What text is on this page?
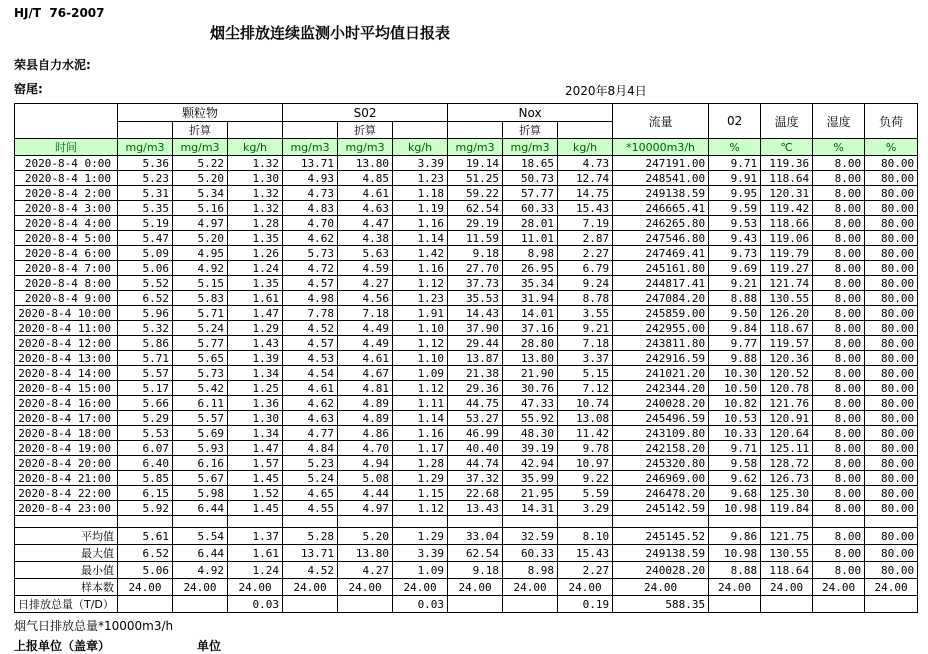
HJ/T  76-2007
烟尘排放连续监测小时平均值日报表
荣县自力水泥:
窑尾:	2020年8月4日
	颗粒物			S02			Nox			流量	02	温度	湿度	负荷
		折算			折算			折算						
时间	mg/m3	mg/m3	kg/h	mg/m3	mg/m3	kg/h	mg/m3	mg/m3	kg/h	*10000m3/h	%	℃	%	%
2020-8-4 0:00	5.36	5.22	1.32	13.71	13.80	3.39	19.14	18.65	4.73	247191.00	9.71	119.36	8.00	80.00
2020-8-4 1:00	5.23	5.20	1.30	4.93	4.85	1.23	51.25	50.73	12.74	248541.00	9.91	118.64	8.00	80.00
2020-8-4 2:00	5.31	5.34	1.32	4.73	4.61	1.18	59.22	57.77	14.75	249138.59	9.95	120.31	8.00	80.00
2020-8-4 3:00	5.35	5.16	1.32	4.83	4.63	1.19	62.54	60.33	15.43	246665.41	9.59	119.42	8.00	80.00
2020-8-4 4:00	5.19	4.97	1.28	4.70	4.47	1.16	29.19	28.01	7.19	246265.80	9.53	118.66	8.00	80.00
2020-8-4 5:00	5.47	5.20	1.35	4.62	4.38	1.14	11.59	11.01	2.87	247546.80	9.43	119.06	8.00	80.00
2020-8-4 6:00	5.09	4.95	1.26	5.73	5.63	1.42	9.18	8.98	2.27	247469.41	9.73	119.79	8.00	80.00
2020-8-4 7:00	5.06	4.92	1.24	4.72	4.59	1.16	27.70	26.95	6.79	245161.80	9.69	119.27	8.00	80.00
2020-8-4 8:00	5.52	5.15	1.35	4.57	4.27	1.12	37.73	35.34	9.24	244817.41	9.21	121.74	8.00	80.00
2020-8-4 9:00	6.52	5.83	1.61	4.98	4.56	1.23	35.53	31.94	8.78	247084.20	8.88	130.55	8.00	80.00
2020-8-4 10:00	5.96	5.71	1.47	7.78	7.18	1.91	14.43	14.01	3.55	245859.00	9.50	126.20	8.00	80.00
2020-8-4 11:00	5.32	5.24	1.29	4.52	4.49	1.10	37.90	37.16	9.21	242955.00	9.84	118.67	8.00	80.00
2020-8-4 12:00	5.86	5.77	1.43	4.57	4.49	1.12	29.44	28.80	7.18	243811.80	9.77	119.57	8.00	80.00
2020-8-4 13:00	5.71	5.65	1.39	4.53	4.61	1.10	13.87	13.80	3.37	242916.59	9.88	120.36	8.00	80.00
2020-8-4 14:00	5.57	5.73	1.34	4.54	4.67	1.09	21.38	21.90	5.15	241021.20	10.30	120.52	8.00	80.00
2020-8-4 15:00	5.17	5.42	1.25	4.61	4.81	1.12	29.36	30.76	7.12	242344.20	10.50	120.78	8.00	80.00
2020-8-4 16:00	5.66	6.11	1.36	4.62	4.89	1.11	44.75	47.33	10.74	240028.20	10.82	121.76	8.00	80.00
2020-8-4 17:00	5.29	5.57	1.30	4.63	4.89	1.14	53.27	55.92	13.08	245496.59	10.53	120.91	8.00	80.00
2020-8-4 18:00	5.53	5.69	1.34	4.77	4.86	1.16	46.99	48.30	11.42	243109.80	10.33	120.64	8.00	80.00
2020-8-4 19:00	6.07	5.93	1.47	4.84	4.70	1.17	40.40	39.19	9.78	242158.20	9.71	125.11	8.00	80.00
2020-8-4 20:00	6.40	6.16	1.57	5.23	4.94	1.28	44.74	42.94	10.97	245320.80	9.58	128.72	8.00	80.00
2020-8-4 21:00	5.85	5.67	1.45	5.24	5.08	1.29	37.32	35.99	9.22	246969.00	9.62	126.73	8.00	80.00
2020-8-4 22:00	6.15	5.98	1.52	4.65	4.44	1.15	22.68	21.95	5.59	246478.20	9.68	125.30	8.00	80.00
2020-8-4 23:00	5.92	6.44	1.45	4.55	4.97	1.12	13.43	14.31	3.29	245142.59	10.98	119.84	8.00	80.00

平均值	5.61	5.54	1.37	5.28	5.20	1.29	33.04	32.59	8.10	245145.52	9.86	121.75	8.00	80.00
最大值	6.52	6.44	1.61	13.71	13.80	3.39	62.54	60.33	15.43	249138.59	10.98	130.55	8.00	80.00
最小值	5.06	4.92	1.24	4.52	4.27	1.09	9.18	8.98	2.27	240028.20	8.88	118.64	8.00	80.00
样本数	24.00	24.00	24.00	24.00	24.00	24.00	24.00	24.00	24.00	24.00	24.00	24.00	24.00	24.00
日排放总量（T/D）			0.03			0.03			0.19	588.35				
烟气日排放总量*10000m3/h
上报单位（盖章）	单位
